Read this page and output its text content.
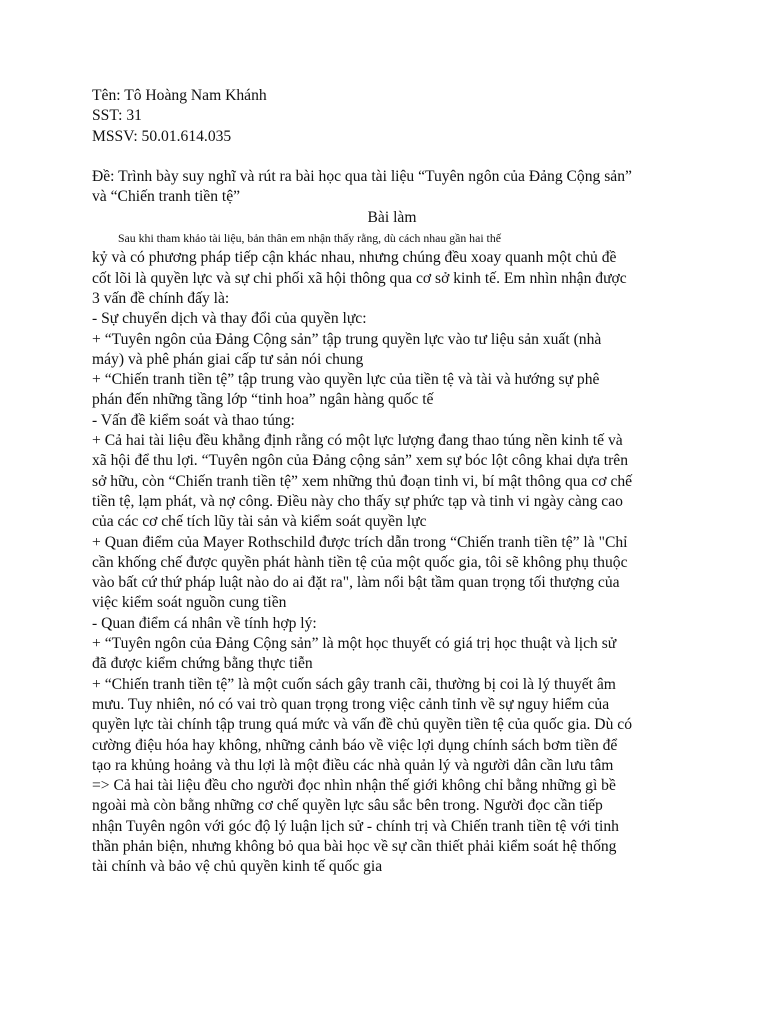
Tên: Tô Hoàng Nam Khánh
SST: 31
MSSV: 50.01.614.035
Đề: Trình bày suy nghĩ và rút ra bài học qua tài liệu “Tuyên ngôn của Đảng Cộng sản”
và “Chiến tranh tiền tệ”
Bài làm
Sau khi tham khảo tài liệu, bản thân em nhận thấy rằng, dù cách nhau gần hai thế
kỷ và có phương pháp tiếp cận khác nhau, nhưng chúng đều xoay quanh một chủ đề
cốt lõi là quyền lực và sự chi phối xã hội thông qua cơ sở kinh tế. Em nhìn nhận được
3 vấn đề chính đấy là:
- Sự chuyển dịch và thay đổi của quyền lực:
+ “Tuyên ngôn của Đảng Cộng sản” tập trung quyền lực vào tư liệu sản xuất (nhà
máy) và phê phán giai cấp tư sản nói chung
+ “Chiến tranh tiền tệ” tập trung vào quyền lực của tiền tệ và tài và hướng sự phê
phán đến những tầng lớp “tinh hoa” ngân hàng quốc tế
- Vấn đề kiểm soát và thao túng:
+ Cả hai tài liệu đều khẳng định rằng có một lực lượng đang thao túng nền kinh tế và
xã hội để thu lợi. “Tuyên ngôn của Đảng cộng sản” xem sự bóc lột công khai dựa trên
sở hữu, còn “Chiến tranh tiền tệ” xem những thủ đoạn tinh vi, bí mật thông qua cơ chế
tiền tệ, lạm phát, và nợ công. Điều này cho thấy sự phức tạp và tinh vi ngày càng cao
của các cơ chế tích lũy tài sản và kiểm soát quyền lực
+ Quan điểm của Mayer Rothschild được trích dẫn trong “Chiến tranh tiền tệ” là "Chỉ
cần khống chế được quyền phát hành tiền tệ của một quốc gia, tôi sẽ không phụ thuộc
vào bất cứ thứ pháp luật nào do ai đặt ra", làm nổi bật tầm quan trọng tối thượng của
việc kiểm soát nguồn cung tiền
- Quan điểm cá nhân về tính hợp lý:
+ “Tuyên ngôn của Đảng Cộng sản” là một học thuyết có giá trị học thuật và lịch sử
đã được kiểm chứng bằng thực tiễn
+ “Chiến tranh tiền tệ” là một cuốn sách gây tranh cãi, thường bị coi là lý thuyết âm
mưu. Tuy nhiên, nó có vai trò quan trọng trong việc cảnh tỉnh về sự nguy hiểm của
quyền lực tài chính tập trung quá mức và vấn đề chủ quyền tiền tệ của quốc gia. Dù có
cường điệu hóa hay không, những cảnh báo về việc lợi dụng chính sách bơm tiền để
tạo ra khủng hoảng và thu lợi là một điều các nhà quản lý và người dân cần lưu tâm
=> Cả hai tài liệu đều cho người đọc nhìn nhận thế giới không chỉ bằng những gì bề
ngoài mà còn bằng những cơ chế quyền lực sâu sắc bên trong. Người đọc cần tiếp
nhận Tuyên ngôn với góc độ lý luận lịch sử - chính trị và Chiến tranh tiền tệ với tinh
thần phản biện, nhưng không bỏ qua bài học về sự cần thiết phải kiểm soát hệ thống
tài chính và bảo vệ chủ quyền kinh tế quốc gia
